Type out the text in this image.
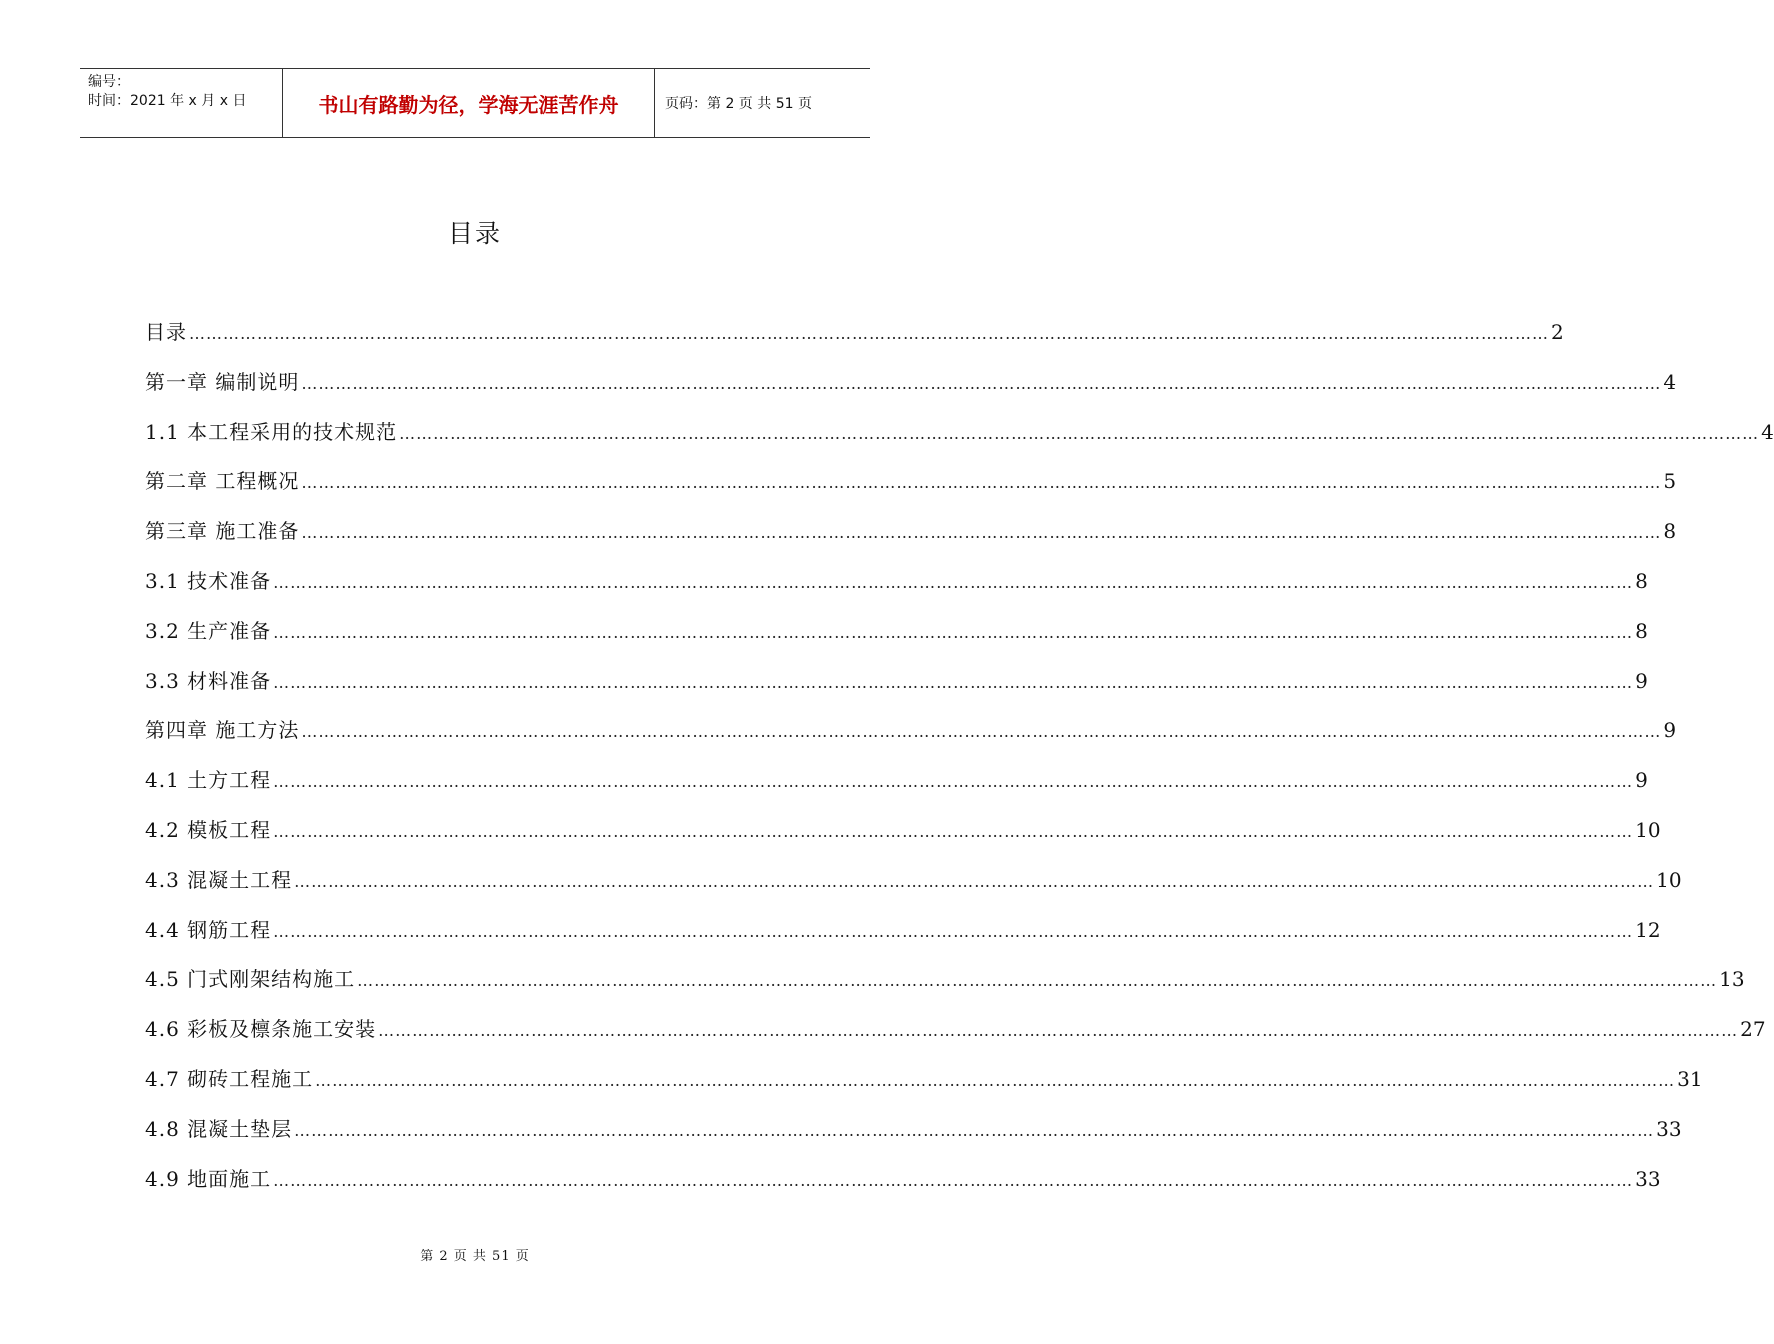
编号：
时间：2021 年 x 月 x 日	书山有路勤为径，学海无涯苦作舟	页码：第 2 页 共 51 页
目录
目录 …………………………………………………………………………………………………………………………………………………………………………………………………………………… 2
第一章 编制说明 …………………………………………………………………………………………………………………………………………………………………………………………………………………… 4
1.1 本工程采用的技术规范 …………………………………………………………………………………………………………………………………………………………………………………………………………………… 4
第二章 工程概况 …………………………………………………………………………………………………………………………………………………………………………………………………………………… 5
第三章 施工准备 …………………………………………………………………………………………………………………………………………………………………………………………………………………… 8
3.1 技术准备 …………………………………………………………………………………………………………………………………………………………………………………………………………………… 8
3.2 生产准备 …………………………………………………………………………………………………………………………………………………………………………………………………………………… 8
3.3 材料准备 …………………………………………………………………………………………………………………………………………………………………………………………………………………… 9
第四章 施工方法 …………………………………………………………………………………………………………………………………………………………………………………………………………………… 9
4.1 土方工程 …………………………………………………………………………………………………………………………………………………………………………………………………………………… 9
4.2 模板工程 …………………………………………………………………………………………………………………………………………………………………………………………………………………… 10
4.3 混凝土工程 …………………………………………………………………………………………………………………………………………………………………………………………………………………… 10
4.4 钢筋工程 …………………………………………………………………………………………………………………………………………………………………………………………………………………… 12
4.5 门式刚架结构施工 …………………………………………………………………………………………………………………………………………………………………………………………………………………… 13
4.6 彩板及檩条施工安装 …………………………………………………………………………………………………………………………………………………………………………………………………………………… 27
4.7 砌砖工程施工 …………………………………………………………………………………………………………………………………………………………………………………………………………………… 31
4.8 混凝土垫层 …………………………………………………………………………………………………………………………………………………………………………………………………………………… 33
4.9 地面施工 …………………………………………………………………………………………………………………………………………………………………………………………………………………… 33
第 2 页 共 51 页
